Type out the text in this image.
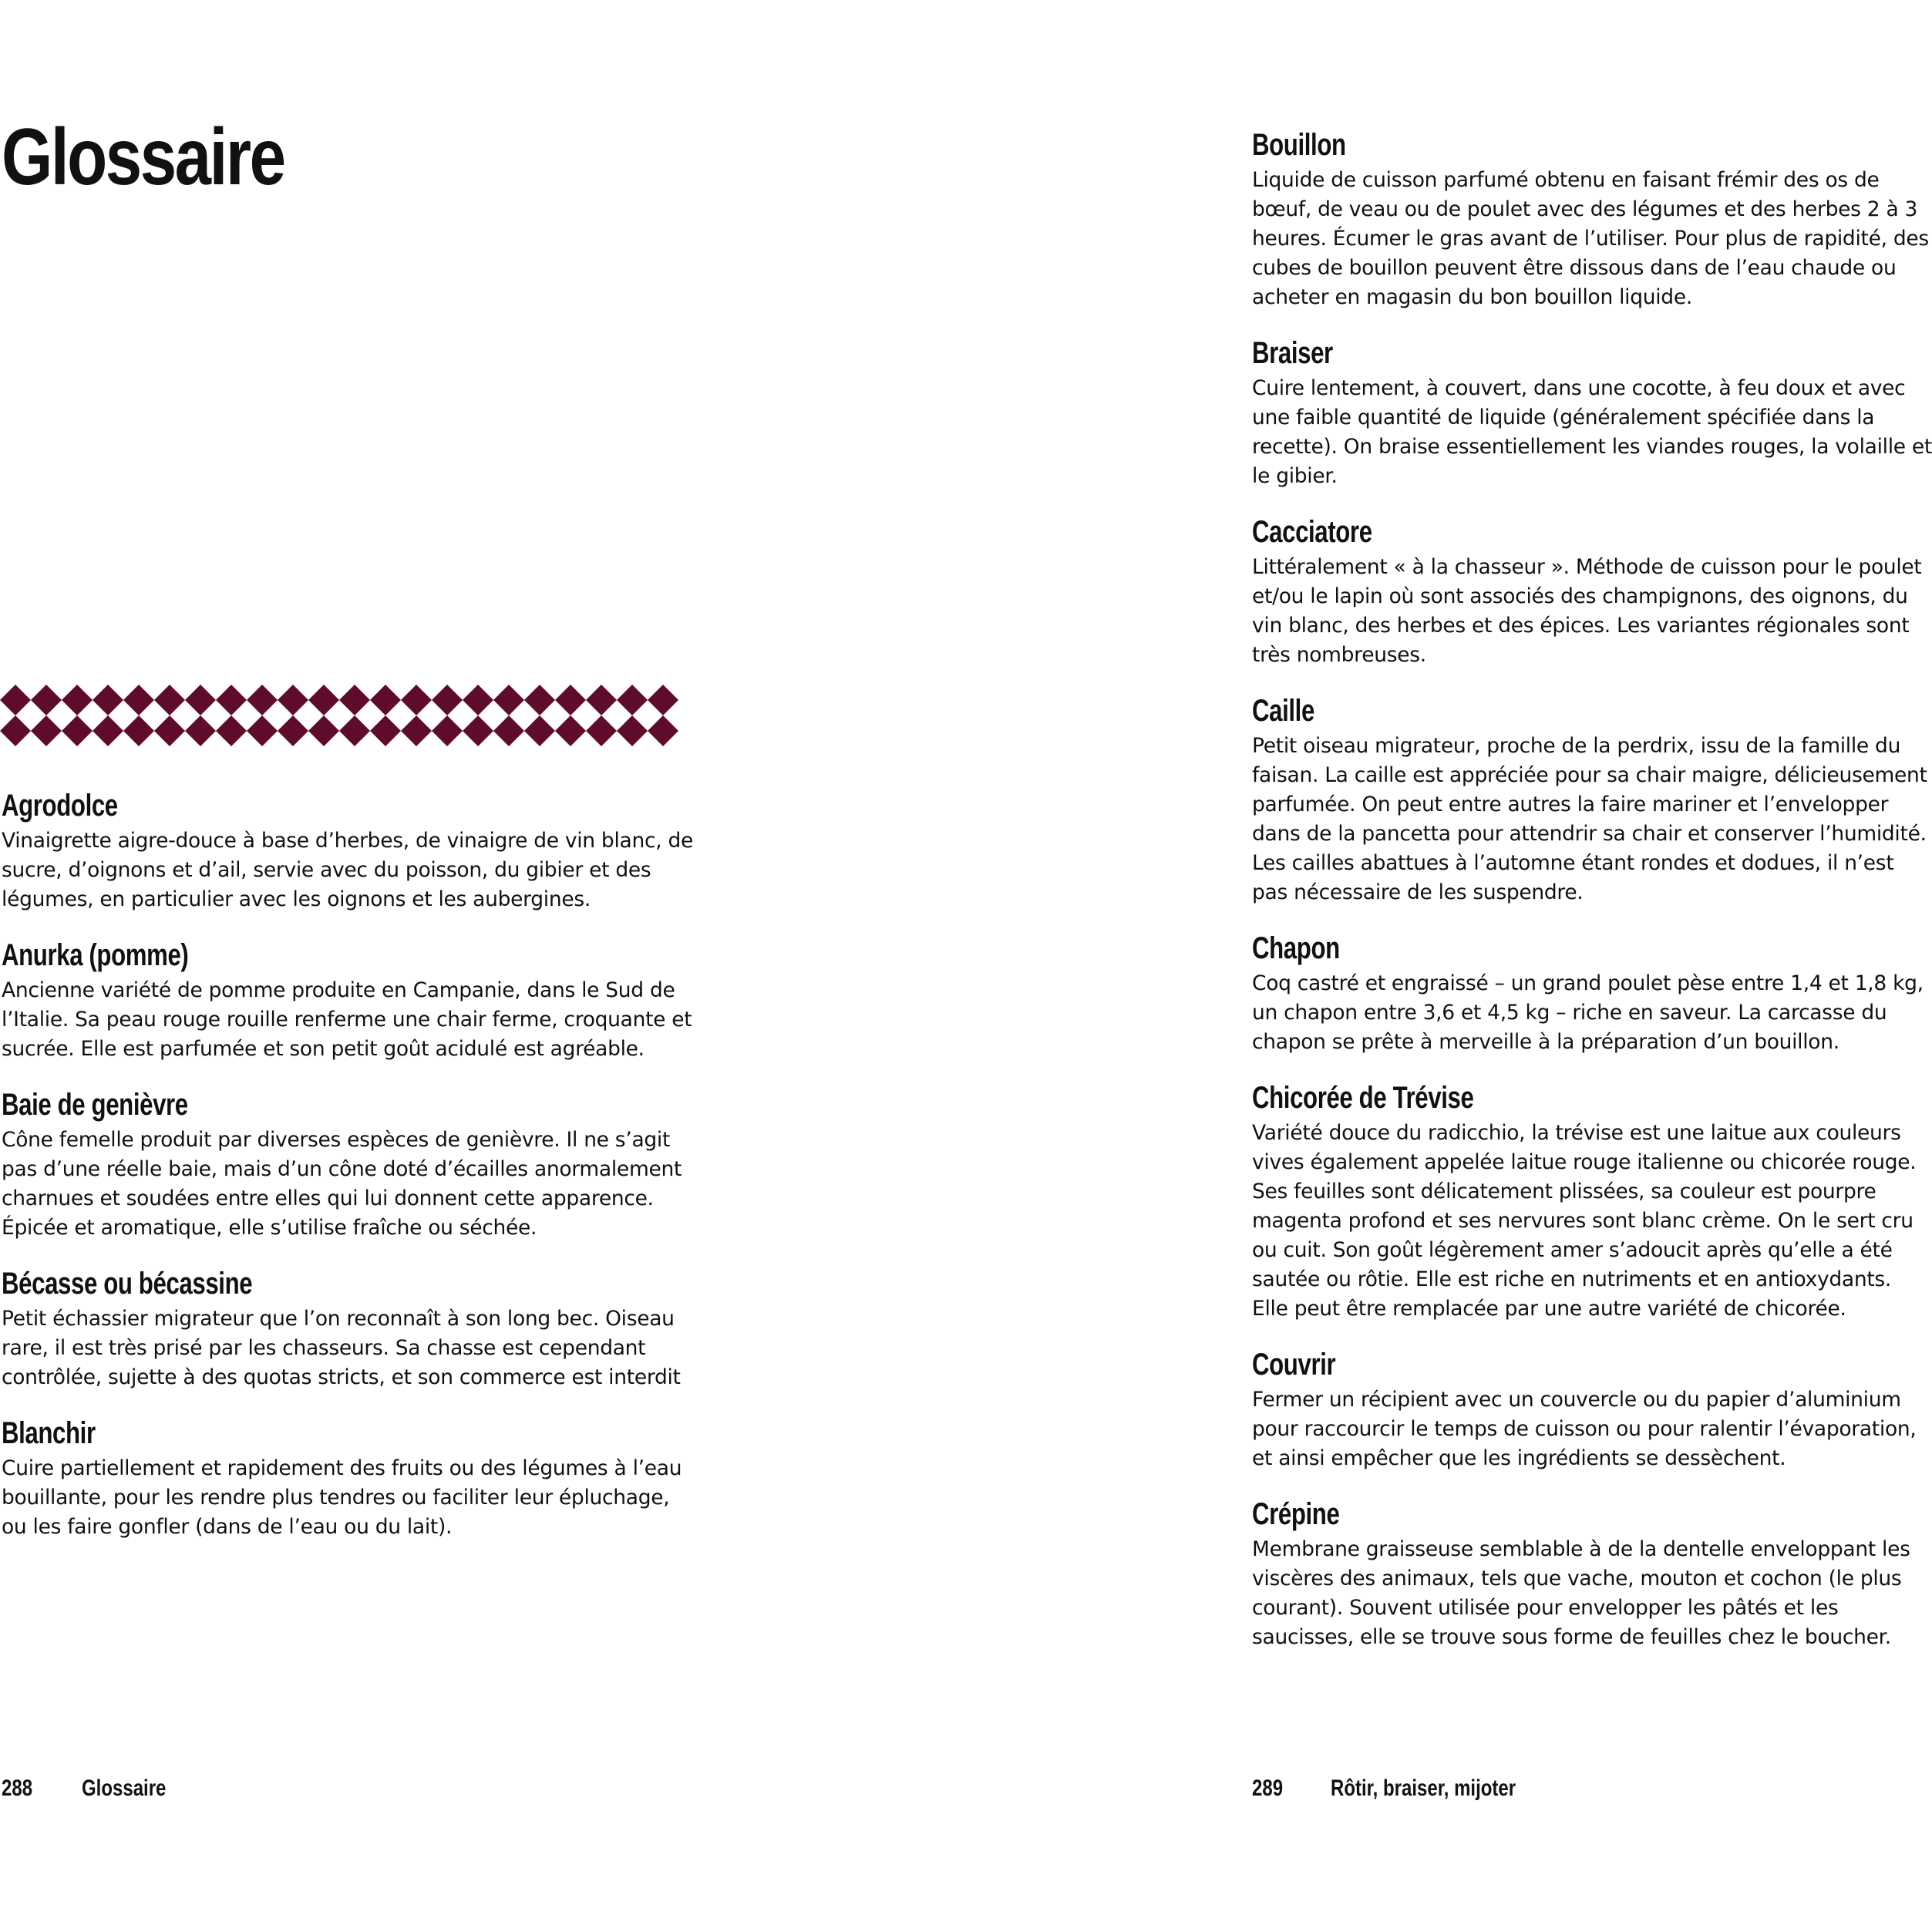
Glossaire
Agrodolce

Vinaigrette aigre-douce à base d’herbes, de vinaigre de vin blanc, de sucre, d’oignons et d’ail, servie avec du poisson, du gibier et des légumes, en particulier avec les oignons et les aubergines.

Anurka (pomme)

Ancienne variété de pomme produite en Campanie, dans le Sud de l’Italie. Sa peau rouge rouille renferme une chair ferme, croquante et sucrée. Elle est parfumée et son petit goût acidulé est agréable.

Baie de genièvre

Cône femelle produit par diverses espèces de genièvre. Il ne s’agit pas d’une réelle baie, mais d’un cône doté d’écailles anormalement charnues et soudées entre elles qui lui donnent cette apparence. Épicée et aromatique, elle s’utilise fraîche ou séchée.

Bécasse ou bécassine

Petit échassier migrateur que l’on reconnaît à son long bec. Oiseau rare, il est très prisé par les chasseurs. Sa chasse est cependant contrôlée, sujette à des quotas stricts, et son commerce est interdit

Blanchir

Cuire partiellement et rapidement des fruits ou des légumes à l’eau bouillante, pour les rendre plus tendres ou faciliter leur épluchage, ou les faire gonfler (dans de l’eau ou du lait).

288 Glossaire
Bouillon

Liquide de cuisson parfumé obtenu en faisant frémir des os de bœuf, de veau ou de poulet avec des légumes et des herbes 2 à 3 heures. Écumer le gras avant de l’utiliser. Pour plus de rapidité, des cubes de bouillon peuvent être dissous dans de l’eau chaude ou acheter en magasin du bon bouillon liquide.

Braiser

Cuire lentement, à couvert, dans une cocotte, à feu doux et avec une faible quantité de liquide (généralement spécifiée dans la recette). On braise essentiellement les viandes rouges, la volaille et le gibier.

Cacciatore

Littéralement « à la chasseur ». Méthode de cuisson pour le poulet et/ou le lapin où sont associés des champignons, des oignons, du vin blanc, des herbes et des épices. Les variantes régionales sont très nombreuses.

Caille

Petit oiseau migrateur, proche de la perdrix, issu de la famille du faisan. La caille est appréciée pour sa chair maigre, délicieusement parfumée. On peut entre autres la faire mariner et l’envelopper dans de la pancetta pour attendrir sa chair et conserver l’humidité. Les cailles abattues à l’automne étant rondes et dodues, il n’est pas nécessaire de les suspendre.

Chapon

Coq castré et engraissé – un grand poulet pèse entre 1,4 et 1,8 kg, un chapon entre 3,6 et 4,5 kg – riche en saveur. La carcasse du chapon se prête à merveille à la préparation d’un bouillon.

Chicorée de Trévise

Variété douce du radicchio, la trévise est une laitue aux couleurs vives également appelée laitue rouge italienne ou chicorée rouge. Ses feuilles sont délicatement plissées, sa couleur est pourpre magenta profond et ses nervures sont blanc crème. On le sert cru ou cuit. Son goût légèrement amer s’adoucit après qu’elle a été sautée ou rôtie. Elle est riche en nutriments et en antioxydants. Elle peut être remplacée par une autre variété de chicorée.

Couvrir

Fermer un récipient avec un couvercle ou du papier d’aluminium pour raccourcir le temps de cuisson ou pour ralentir l’évaporation, et ainsi empêcher que les ingrédients se dessèchent.

Crépine

Membrane graisseuse semblable à de la dentelle enveloppant les viscères des animaux, tels que vache, mouton et cochon (le plus courant). Souvent utilisée pour envelopper les pâtés et les saucisses, elle se trouve sous forme de feuilles chez le boucher.

289 Rôtir, braiser, mijoter
